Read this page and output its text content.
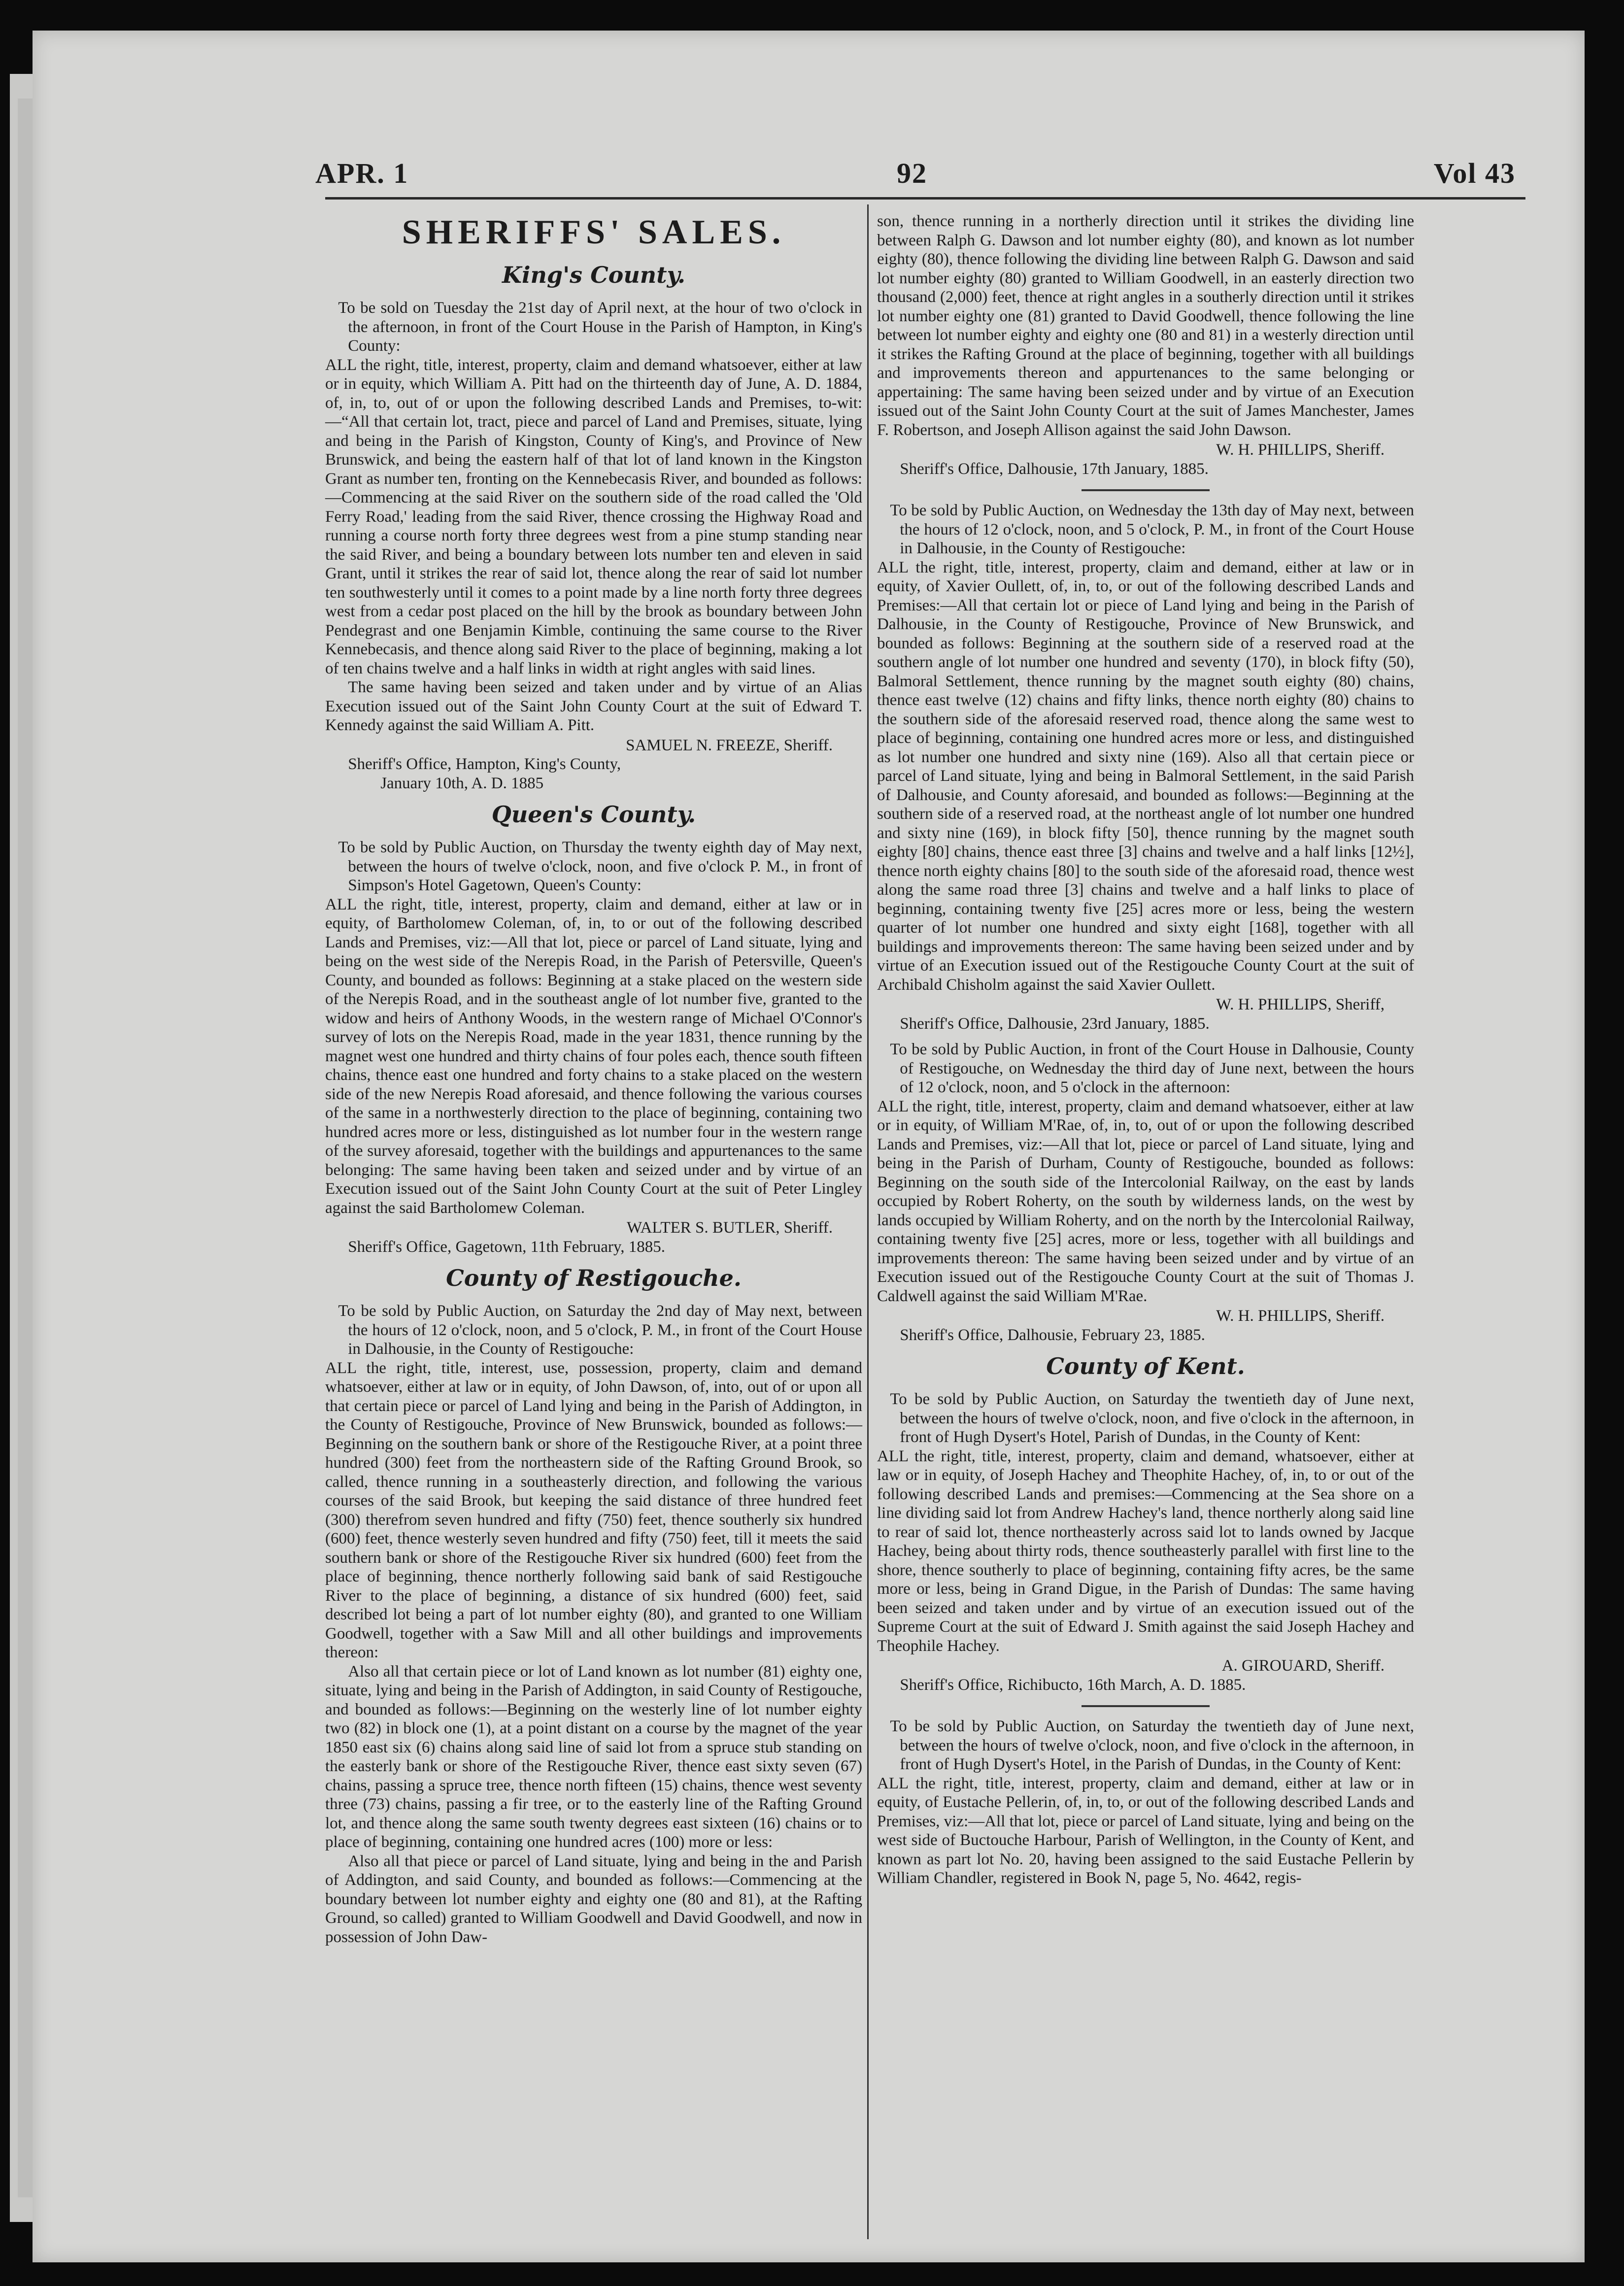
APR. 1	92	Vol 43
SHERIFFS' SALES.
King's County.

To be sold on Tuesday the 21st day of April next, at the hour of two o'clock in the afternoon, in front of the Court House in the Parish of Hampton, in King's County:

ALL the right, title, interest, property, claim and demand whatsoever, either at law or in equity, which William A. Pitt had on the thirteenth day of June, A. D. 1884, of, in, to, out of or upon the following described Lands and Premises, to-wit:—“All that certain lot, tract, piece and parcel of Land and Premises, situate, lying and being in the Parish of Kingston, County of King's, and Province of New Brunswick, and being the eastern half of that lot of land known in the Kingston Grant as number ten, fronting on the Kennebecasis River, and bounded as follows:—Commencing at the said River on the southern side of the road called the 'Old Ferry Road,' leading from the said River, thence crossing the Highway Road and running a course north forty three degrees west from a pine stump standing near the said River, and being a boundary between lots number ten and eleven in said Grant, until it strikes the rear of said lot, thence along the rear of said lot number ten southwesterly until it comes to a point made by a line north forty three degrees west from a cedar post placed on the hill by the brook as boundary between John Pendegrast and one Benjamin Kimble, continuing the same course to the River Kennebecasis, and thence along said River to the place of beginning, making a lot of ten chains twelve and a half links in width at right angles with said lines.

The same having been seized and taken under and by virtue of an Alias Execution issued out of the Saint John County Court at the suit of Edward T. Kennedy against the said William A. Pitt.

SAMUEL N. FREEZE, Sheriff.

Sheriff's Office, Hampton, King's County,

January 10th, A. D. 1885

Queen's County.

To be sold by Public Auction, on Thursday the twenty eighth day of May next, between the hours of twelve o'clock, noon, and five o'clock P. M., in front of Simpson's Hotel Gagetown, Queen's County:

ALL the right, title, interest, property, claim and demand, either at law or in equity, of Bartholomew Coleman, of, in, to or out of the following described Lands and Premises, viz:—All that lot, piece or parcel of Land situate, lying and being on the west side of the Nerepis Road, in the Parish of Petersville, Queen's County, and bounded as follows: Beginning at a stake placed on the western side of the Nerepis Road, and in the southeast angle of lot number five, granted to the widow and heirs of Anthony Woods, in the western range of Michael O'Connor's survey of lots on the Nerepis Road, made in the year 1831, thence running by the magnet west one hundred and thirty chains of four poles each, thence south fifteen chains, thence east one hundred and forty chains to a stake placed on the western side of the new Nerepis Road aforesaid, and thence following the various courses of the same in a northwesterly direction to the place of beginning, containing two hundred acres more or less, distinguished as lot number four in the western range of the survey aforesaid, together with the buildings and appurtenances to the same belonging: The same having been taken and seized under and by virtue of an Execution issued out of the Saint John County Court at the suit of Peter Lingley against the said Bartholomew Coleman.

WALTER S. BUTLER, Sheriff.

Sheriff's Office, Gagetown, 11th February, 1885.

County of Restigouche.

To be sold by Public Auction, on Saturday the 2nd day of May next, between the hours of 12 o'clock, noon, and 5 o'clock, P. M., in front of the Court House in Dalhousie, in the County of Restigouche:

ALL the right, title, interest, use, possession, property, claim and demand whatsoever, either at law or in equity, of John Dawson, of, into, out of or upon all that certain piece or parcel of Land lying and being in the Parish of Addington, in the County of Restigouche, Province of New Brunswick, bounded as follows:—Beginning on the southern bank or shore of the Restigouche River, at a point three hundred (300) feet from the northeastern side of the Rafting Ground Brook, so called, thence running in a southeasterly direction, and following the various courses of the said Brook, but keeping the said distance of three hundred feet (300) therefrom seven hundred and fifty (750) feet, thence southerly six hundred (600) feet, thence westerly seven hundred and fifty (750) feet, till it meets the said southern bank or shore of the Restigouche River six hundred (600) feet from the place of beginning, thence northerly following said bank of said Restigouche River to the place of beginning, a distance of six hundred (600) feet, said described lot being a part of lot number eighty (80), and granted to one William Goodwell, together with a Saw Mill and all other buildings and improvements thereon:

Also all that certain piece or lot of Land known as lot number (81) eighty one, situate, lying and being in the Parish of Addington, in said County of Restigouche, and bounded as follows:—Beginning on the westerly line of lot number eighty two (82) in block one (1), at a point distant on a course by the magnet of the year 1850 east six (6) chains along said line of said lot from a spruce stub standing on the easterly bank or shore of the Restigouche River, thence east sixty seven (67) chains, passing a spruce tree, thence north fifteen (15) chains, thence west seventy three (73) chains, passing a fir tree, or to the easterly line of the Rafting Ground lot, and thence along the same south twenty degrees east sixteen (16) chains or to place of beginning, containing one hundred acres (100) more or less:

Also all that piece or parcel of Land situate, lying and being in the and Parish of Addington, and said County, and bounded as follows:—Commencing at the boundary between lot number eighty and eighty one (80 and 81), at the Rafting Ground, so called) granted to William Goodwell and David Goodwell, and now in possession of John Daw-

son, thence running in a northerly direction until it strikes the dividing line between Ralph G. Dawson and lot number eighty (80), and known as lot number eighty (80), thence following the dividing line between Ralph G. Dawson and said lot number eighty (80) granted to William Goodwell, in an easterly direction two thousand (2,000) feet, thence at right angles in a southerly direction until it strikes lot number eighty one (81) granted to David Goodwell, thence following the line between lot number eighty and eighty one (80 and 81) in a westerly direction until it strikes the Rafting Ground at the place of beginning, together with all buildings and improvements thereon and appurtenances to the same belonging or appertaining: The same having been seized under and by virtue of an Execution issued out of the Saint John County Court at the suit of James Manchester, James F. Robertson, and Joseph Allison against the said John Dawson.

W. H. PHILLIPS, Sheriff.

Sheriff's Office, Dalhousie, 17th January, 1885.

To be sold by Public Auction, on Wednesday the 13th day of May next, between the hours of 12 o'clock, noon, and 5 o'clock, P. M., in front of the Court House in Dalhousie, in the County of Restigouche:

ALL the right, title, interest, property, claim and demand, either at law or in equity, of Xavier Oullett, of, in, to, or out of the following described Lands and Premises:—All that certain lot or piece of Land lying and being in the Parish of Dalhousie, in the County of Restigouche, Province of New Brunswick, and bounded as follows: Beginning at the southern side of a reserved road at the southern angle of lot number one hundred and seventy (170), in block fifty (50), Balmoral Settlement, thence running by the magnet south eighty (80) chains, thence east twelve (12) chains and fifty links, thence north eighty (80) chains to the southern side of the aforesaid reserved road, thence along the same west to place of beginning, containing one hundred acres more or less, and distinguished as lot number one hundred and sixty nine (169). Also all that certain piece or parcel of Land situate, lying and being in Balmoral Settlement, in the said Parish of Dalhousie, and County aforesaid, and bounded as follows:—Beginning at the southern side of a reserved road, at the northeast angle of lot number one hundred and sixty nine (169), in block fifty [50], thence running by the magnet south eighty [80] chains, thence east three [3] chains and twelve and a half links [12½], thence north eighty chains [80] to the south side of the aforesaid road, thence west along the same road three [3] chains and twelve and a half links to place of beginning, containing twenty five [25] acres more or less, being the western quarter of lot number one hundred and sixty eight [168], together with all buildings and improvements thereon: The same having been seized under and by virtue of an Execution issued out of the Restigouche County Court at the suit of Archibald Chisholm against the said Xavier Oullett.

W. H. PHILLIPS, Sheriff,

Sheriff's Office, Dalhousie, 23rd January, 1885.

To be sold by Public Auction, in front of the Court House in Dalhousie, County of Restigouche, on Wednesday the third day of June next, between the hours of 12 o'clock, noon, and 5 o'clock in the afternoon:

ALL the right, title, interest, property, claim and demand whatsoever, either at law or in equity, of William M'Rae, of, in, to, out of or upon the following described Lands and Premises, viz:—All that lot, piece or parcel of Land situate, lying and being in the Parish of Durham, County of Restigouche, bounded as follows: Beginning on the south side of the Intercolonial Railway, on the east by lands occupied by Robert Roherty, on the south by wilderness lands, on the west by lands occupied by William Roherty, and on the north by the Intercolonial Railway, containing twenty five [25] acres, more or less, together with all buildings and improvements thereon: The same having been seized under and by virtue of an Execution issued out of the Restigouche County Court at the suit of Thomas J. Caldwell against the said William M'Rae.

W. H. PHILLIPS, Sheriff.

Sheriff's Office, Dalhousie, February 23, 1885.

County of Kent.

To be sold by Public Auction, on Saturday the twentieth day of June next, between the hours of twelve o'clock, noon, and five o'clock in the afternoon, in front of Hugh Dysert's Hotel, Parish of Dundas, in the County of Kent:

ALL the right, title, interest, property, claim and demand, whatsoever, either at law or in equity, of Joseph Hachey and Theophite Hachey, of, in, to or out of the following described Lands and premises:—Commencing at the Sea shore on a line dividing said lot from Andrew Hachey's land, thence northerly along said line to rear of said lot, thence northeasterly across said lot to lands owned by Jacque Hachey, being about thirty rods, thence southeasterly parallel with first line to the shore, thence southerly to place of beginning, containing fifty acres, be the same more or less, being in Grand Digue, in the Parish of Dundas: The same having been seized and taken under and by virtue of an execution issued out of the Supreme Court at the suit of Edward J. Smith against the said Joseph Hachey and Theophile Hachey.

A. GIROUARD, Sheriff.

Sheriff's Office, Richibucto, 16th March, A. D. 1885.

To be sold by Public Auction, on Saturday the twentieth day of June next, between the hours of twelve o'clock, noon, and five o'clock in the afternoon, in front of Hugh Dysert's Hotel, in the Parish of Dundas, in the County of Kent:

ALL the right, title, interest, property, claim and demand, either at law or in equity, of Eustache Pellerin, of, in, to, or out of the following described Lands and Premises, viz:—All that lot, piece or parcel of Land situate, lying and being on the west side of Buctouche Harbour, Parish of Wellington, in the County of Kent, and known as part lot No. 20, having been assigned to the said Eustache Pellerin by William Chandler, registered in Book N, page 5, No. 4642, regis-
